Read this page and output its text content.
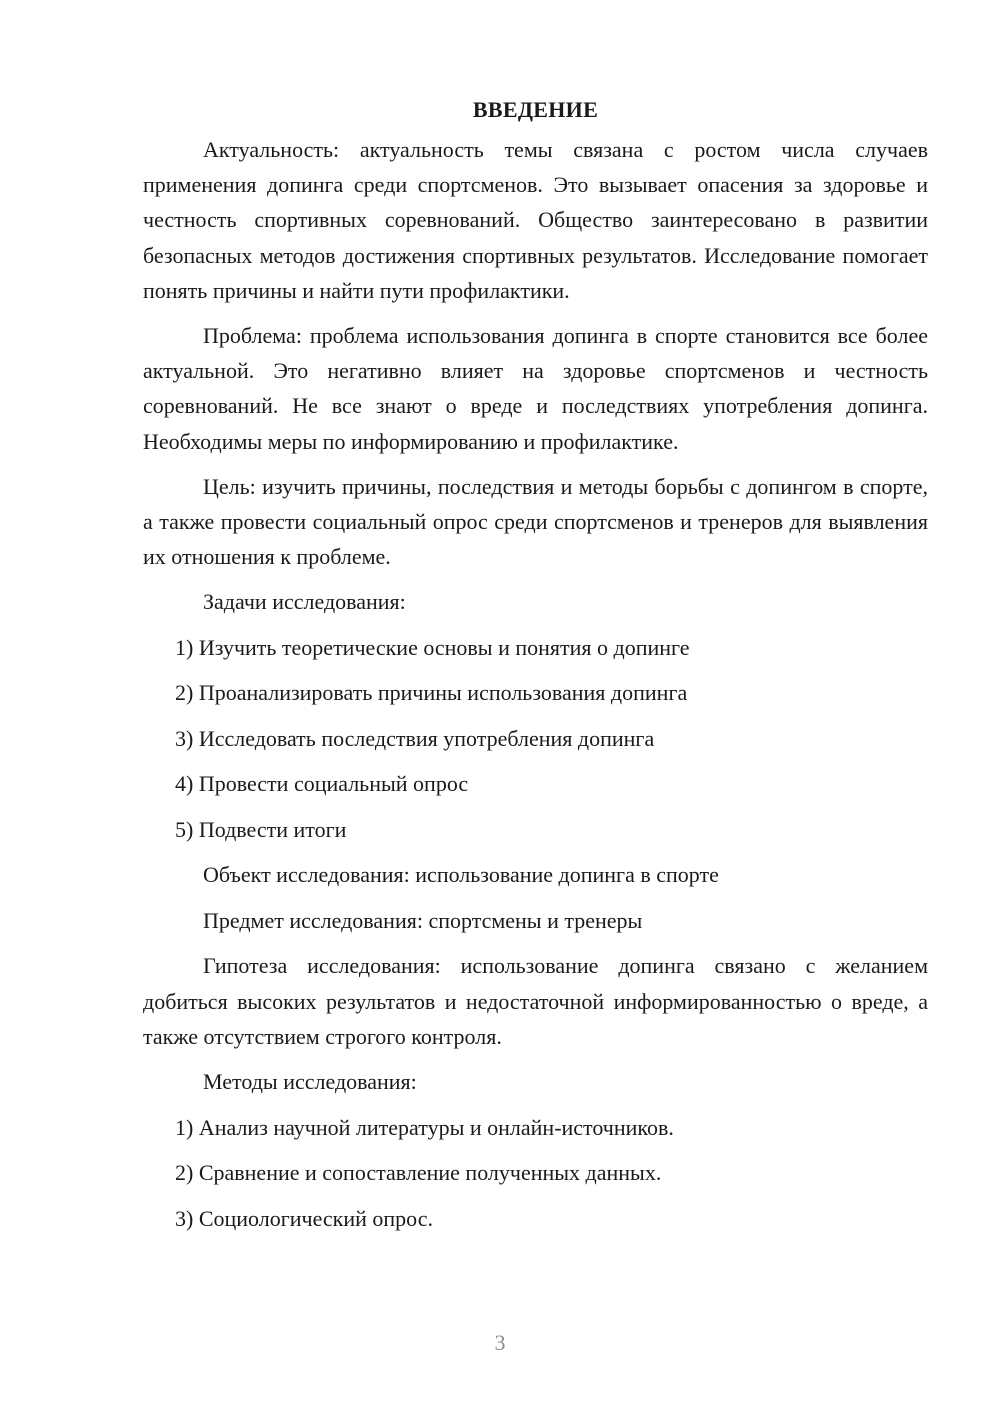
ВВЕДЕНИЕ

Актуальность: актуальность темы связана с ростом числа случаев применения допинга среди спортсменов. Это вызывает опасения за здоровье и честность спортивных соревнований. Общество заинтересовано в развитии безопасных методов достижения спортивных результатов. Исследование помогает понять причины и найти пути профилактики.

Проблема: проблема использования допинга в спорте становится все более актуальной. Это негативно влияет на здоровье спортсменов и честность соревнований. Не все знают о вреде и последствиях употребления допинга. Необходимы меры по информированию и профилактике.

Цель: изучить причины, последствия и методы борьбы с допингом в спорте, а также провести социальный опрос среди спортсменов и тренеров для выявления их отношения к проблеме.

Задачи исследования:
1) Изучить теоретические основы и понятия о допинге
2) Проанализировать причины использования допинга
3) Исследовать последствия употребления допинга
4) Провести социальный опрос
5) Подвести итоги
Объект исследования: использование допинга в спорте
Предмет исследования: спортсмены и тренеры

Гипотеза исследования: использование допинга связано с желанием добиться высоких результатов и недостаточной информированностью о вреде, а также отсутствием строгого контроля.

Методы исследования:
1) Анализ научной литературы и онлайн-источников.
2) Сравнение и сопоставление полученных данных.
3) Социологический опрос.
3
